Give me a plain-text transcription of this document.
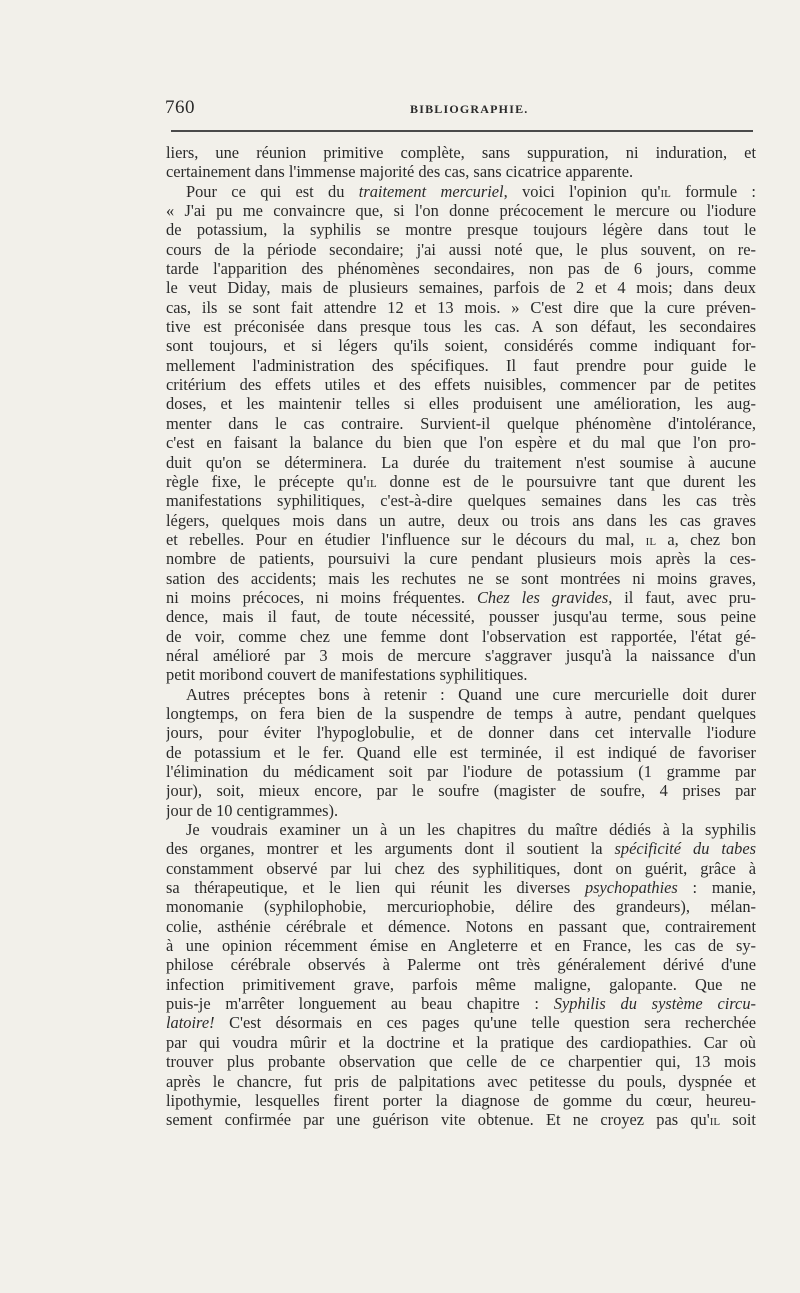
760	BIBLIOGRAPHIE.
liers, une réunion primitive complète, sans suppuration, ni induration, et
certainement dans l'immense majorité des cas, sans cicatrice apparente.
Pour ce qui est du traitement mercuriel, voici l'opinion qu'il formule :
« J'ai pu me convaincre que, si l'on donne précocement le mercure ou l'iodure
de potassium, la syphilis se montre presque toujours légère dans tout le
cours de la période secondaire; j'ai aussi noté que, le plus souvent, on re-
tarde l'apparition des phénomènes secondaires, non pas de 6 jours, comme
le veut Diday, mais de plusieurs semaines, parfois de 2 et 4 mois; dans deux
cas, ils se sont fait attendre 12 et 13 mois. » C'est dire que la cure préven-
tive est préconisée dans presque tous les cas. A son défaut, les secondaires
sont toujours, et si légers qu'ils soient, considérés comme indiquant for-
mellement l'administration des spécifiques. Il faut prendre pour guide le
critérium des effets utiles et des effets nuisibles, commencer par de petites
doses, et les maintenir telles si elles produisent une amélioration, les aug-
menter dans le cas contraire. Survient-il quelque phénomène d'intolérance,
c'est en faisant la balance du bien que l'on espère et du mal que l'on pro-
duit qu'on se déterminera. La durée du traitement n'est soumise à aucune
règle fixe, le précepte qu'il donne est de le poursuivre tant que durent les
manifestations syphilitiques, c'est-à-dire quelques semaines dans les cas très
légers, quelques mois dans un autre, deux ou trois ans dans les cas graves
et rebelles. Pour en étudier l'influence sur le décours du mal, il a, chez bon
nombre de patients, poursuivi la cure pendant plusieurs mois après la ces-
sation des accidents; mais les rechutes ne se sont montrées ni moins graves,
ni moins précoces, ni moins fréquentes. Chez les gravides, il faut, avec pru-
dence, mais il faut, de toute nécessité, pousser jusqu'au terme, sous peine
de voir, comme chez une femme dont l'observation est rapportée, l'état gé-
néral amélioré par 3 mois de mercure s'aggraver jusqu'à la naissance d'un
petit moribond couvert de manifestations syphilitiques.
Autres préceptes bons à retenir : Quand une cure mercurielle doit durer
longtemps, on fera bien de la suspendre de temps à autre, pendant quelques
jours, pour éviter l'hypoglobulie, et de donner dans cet intervalle l'iodure
de potassium et le fer. Quand elle est terminée, il est indiqué de favoriser
l'élimination du médicament soit par l'iodure de potassium (1 gramme par
jour), soit, mieux encore, par le soufre (magister de soufre, 4 prises par
jour de 10 centigrammes).
Je voudrais examiner un à un les chapitres du maître dédiés à la syphilis
des organes, montrer et les arguments dont il soutient la spécificité du tabes
constamment observé par lui chez des syphilitiques, dont on guérit, grâce à
sa thérapeutique, et le lien qui réunit les diverses psychopathies : manie,
monomanie (syphilophobie, mercuriophobie, délire des grandeurs), mélan-
colie, asthénie cérébrale et démence. Notons en passant que, contrairement
à une opinion récemment émise en Angleterre et en France, les cas de sy-
philose cérébrale observés à Palerme ont très généralement dérivé d'une
infection primitivement grave, parfois même maligne, galopante. Que ne
puis-je m'arrêter longuement au beau chapitre : Syphilis du système circu-
latoire! C'est désormais en ces pages qu'une telle question sera recherchée
par qui voudra mûrir et la doctrine et la pratique des cardiopathies. Car où
trouver plus probante observation que celle de ce charpentier qui, 13 mois
après le chancre, fut pris de palpitations avec petitesse du pouls, dyspnée et
lipothymie, lesquelles firent porter la diagnose de gomme du cœur, heureu-
sement confirmée par une guérison vite obtenue. Et ne croyez pas qu'il soit
